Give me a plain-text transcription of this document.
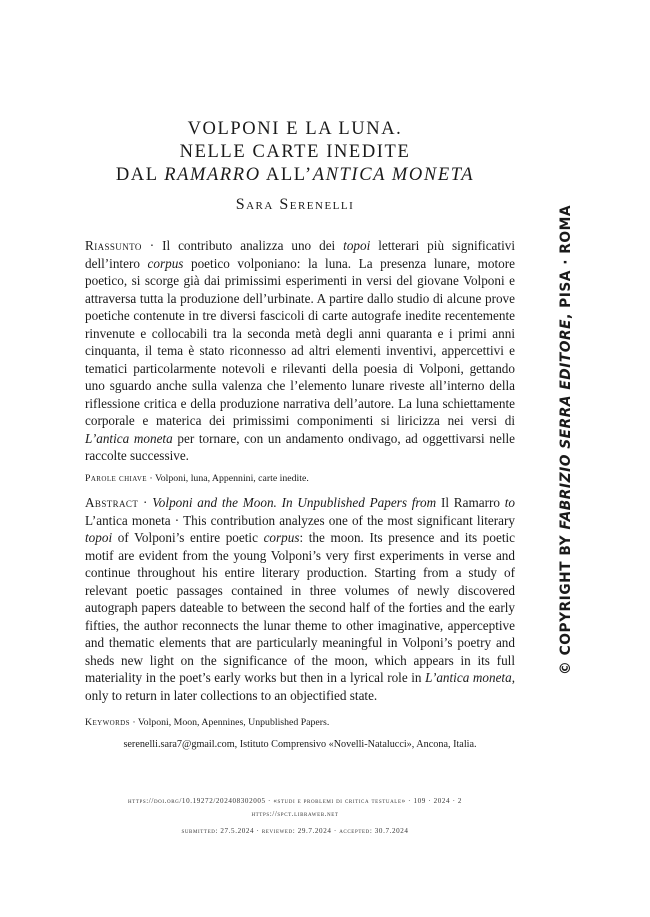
VOLPONI E LA LUNA.
NELLE CARTE INEDITE
DAL RAMARRO ALL’ANTICA MONETA
Sara Serenelli
Riassunto · Il contributo analizza uno dei topoi letterari più significativi dell’intero corpus poetico volponiano: la luna. La presenza lunare, motore poetico, si scorge già dai primissimi esperimenti in versi del giovane Volponi e attraversa tutta la produzione dell’urbinate. A partire dallo studio di alcune prove poetiche contenute in tre diversi fascicoli di carte autografe inedite recentemente rinvenute e collocabili tra la seconda metà degli anni quaranta e i primi anni cinquanta, il tema è stato riconnesso ad altri elementi inventivi, appercettivi e tematici particolarmente notevoli e rilevanti della poesia di Volponi, gettando uno sguardo anche sulla valenza che l’elemento lunare riveste all’interno della riflessione critica e della produzione narrativa dell’autore. La luna schiettamente corporale e materica dei primissimi componimenti si liricizza nei versi di L’antica moneta per tornare, con un andamento ondivago, ad oggettivarsi nelle raccolte successive.
Parole chiave · Volponi, luna, Appennini, carte inedite.
Abstract · Volponi and the Moon. In Unpublished Papers from Il Ramarro to L’antica moneta · This contribution analyzes one of the most significant literary topoi of Volponi’s entire poetic corpus: the moon. Its presence and its poetic motif are evident from the young Volponi’s very first experiments in verse and continue throughout his entire literary production. Starting from a study of relevant poetic passages contained in three volumes of newly discovered autograph papers dateable to between the second half of the forties and the early fifties, the author reconnects the lunar theme to other imaginative, apperceptive and thematic elements that are particularly meaningful in Volponi’s poetry and sheds new light on the significance of the moon, which appears in its full materiality in the poet’s early works but then in a lyrical role in L’antica moneta, only to return in later collections to an objectified state.
Keywords · Volponi, Moon, Apennines, Unpublished Papers.
serenelli.sara7@gmail.com, Istituto Comprensivo «Novelli-Natalucci», Ancona, Italia.
https://doi.org/10.19272/202408302005 · «studi e problemi di critica testuale» · 109 · 2024 · 2
https://spct.libraweb.net
submitted: 27.5.2024 · reviewed: 29.7.2024 · accepted: 30.7.2024
© COPYRIGHT BY FABRIZIO SERRA EDITORE, PISA · ROMA
